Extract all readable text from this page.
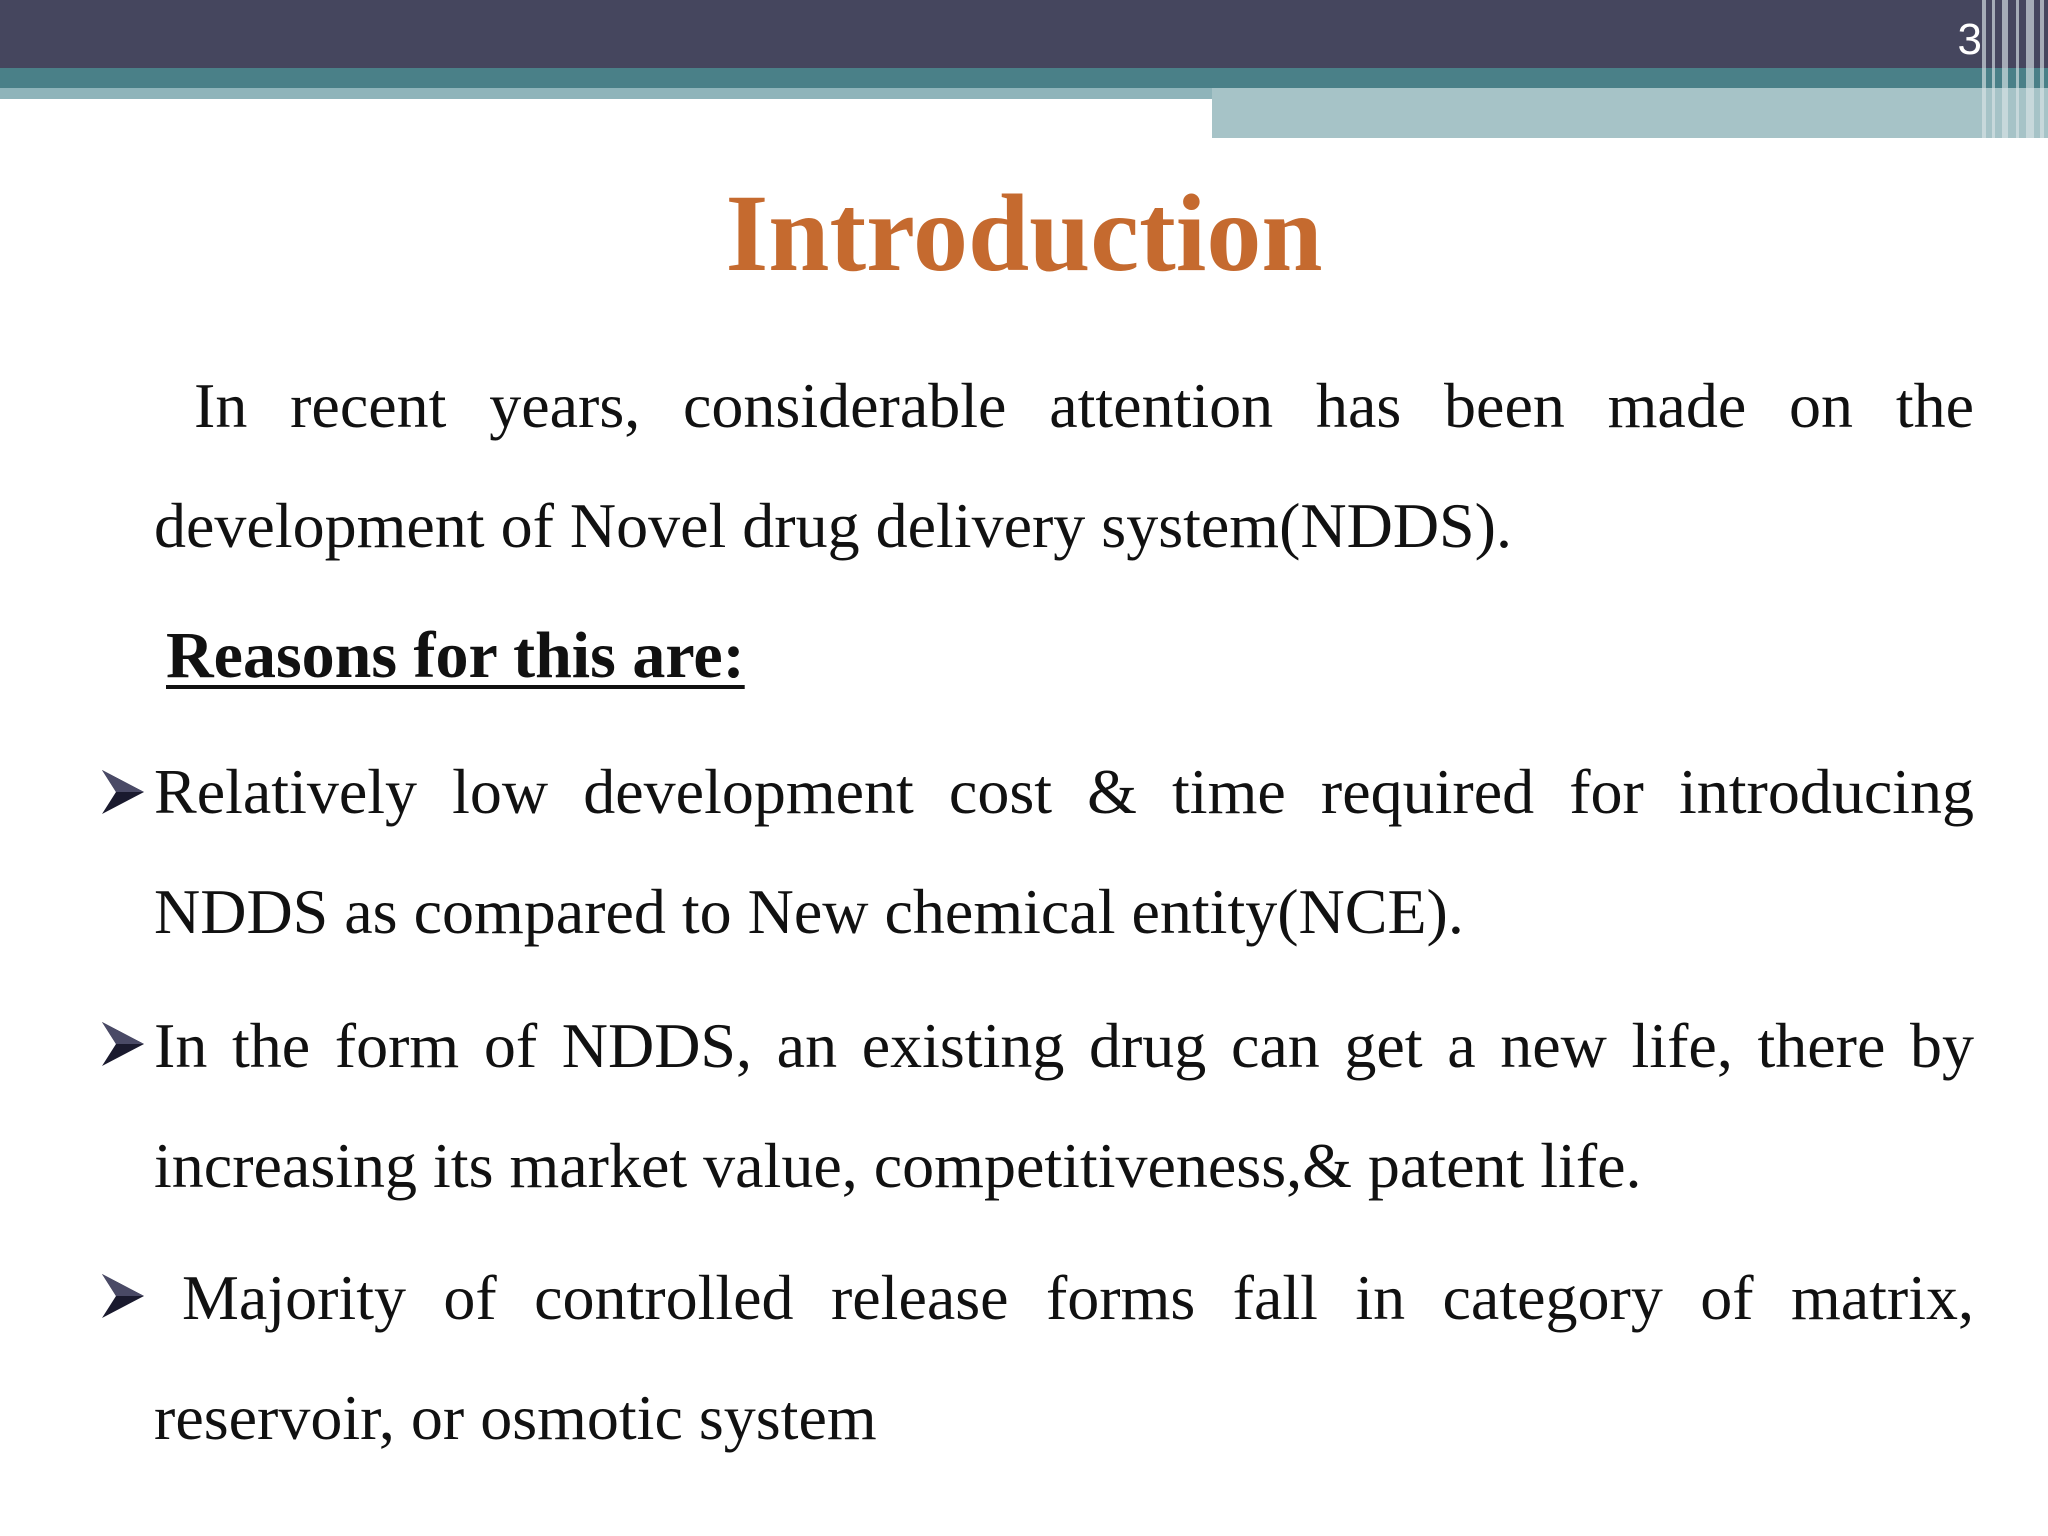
3
Introduction
In recent years, considerable attention has been made on the
development of Novel drug delivery system(NDDS).
Reasons for this are:
Relatively low development cost & time required for introducing
NDDS as compared to New chemical entity(NCE).
In the form of NDDS, an existing drug can get a new life, there by
increasing its market value, competitiveness,& patent life.
Majority of controlled release forms fall in category of matrix,
reservoir, or osmotic system
